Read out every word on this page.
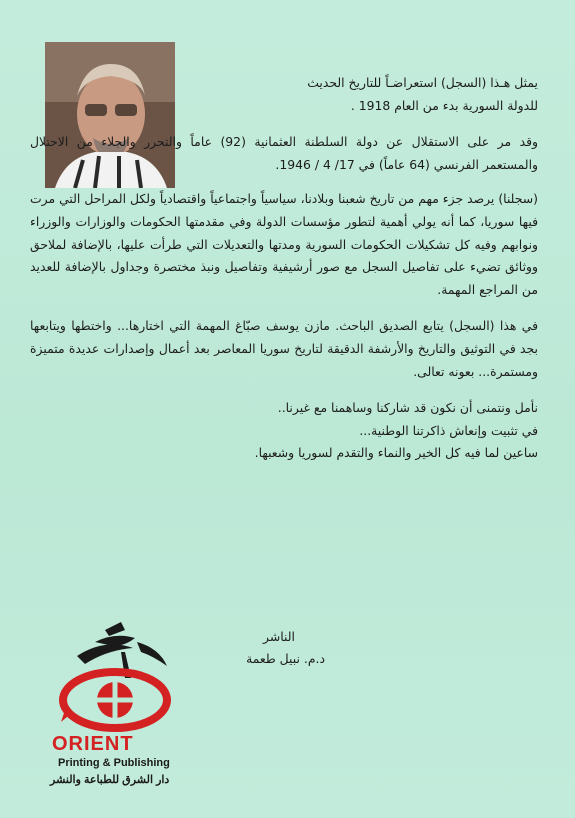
يمثل هـذا (السجل) استعراضـاً للتاريخ الحديث
للدولة السورية بدء من العام 1918 .

وقد مر على الاستقلال عن دولة السلطنة العثمانية (92) عاماً والتحرر والجلاء من الاحتلال والمستعمر الفرنسي (64 عاماً) في 17/ 4 / 1946.

(سجلنا) يرصد جزء مهم من تاريخ شعبنا وبلادنا، سياسياً واجتماعياً واقتصادياً ولكل المراحل التي مرت فيها سوريا، كما أنه يولي أهمية لتطور مؤسسات الدولة وفي مقدمتها الحكومات والوزارات والوزراء ونوابهم وفيه كل تشكيلات الحكومات السورية ومدتها والتعديلات التي طرأت عليها، بالإضافة لملاحق ووثائق تضيء على تفاصيل السجل مع صور أرشيفية وتفاصيل ونبذ مختصرة وجداول بالإضافة للعديد من المراجع المهمة.

في هذا (السجل) يتابع الصديق الباحث. مازن يوسف صبّاغ المهمة التي اختارها... واختطها ويتابعها بجد في التوثيق والتاريخ والأرشفة الدقيقة لتاريخ سوريا المعاصر بعد أعمال وإصدارات عديدة متميزة ومستمرة... بعونه تعالى.

نأمل ونتمنى أن نكون قد شاركنا وساهمنا مع غيرنا..
في تثبيت وإنعاش ذاكرتنا الوطنية...
ساعين لما فيه كل الخير والنماء والتقدم لسوريا وشعبها.

الناشر
د.م. نبيل طعمة
ORIENT
Printing & Publishing
دار الشرق للطباعة والنشر
